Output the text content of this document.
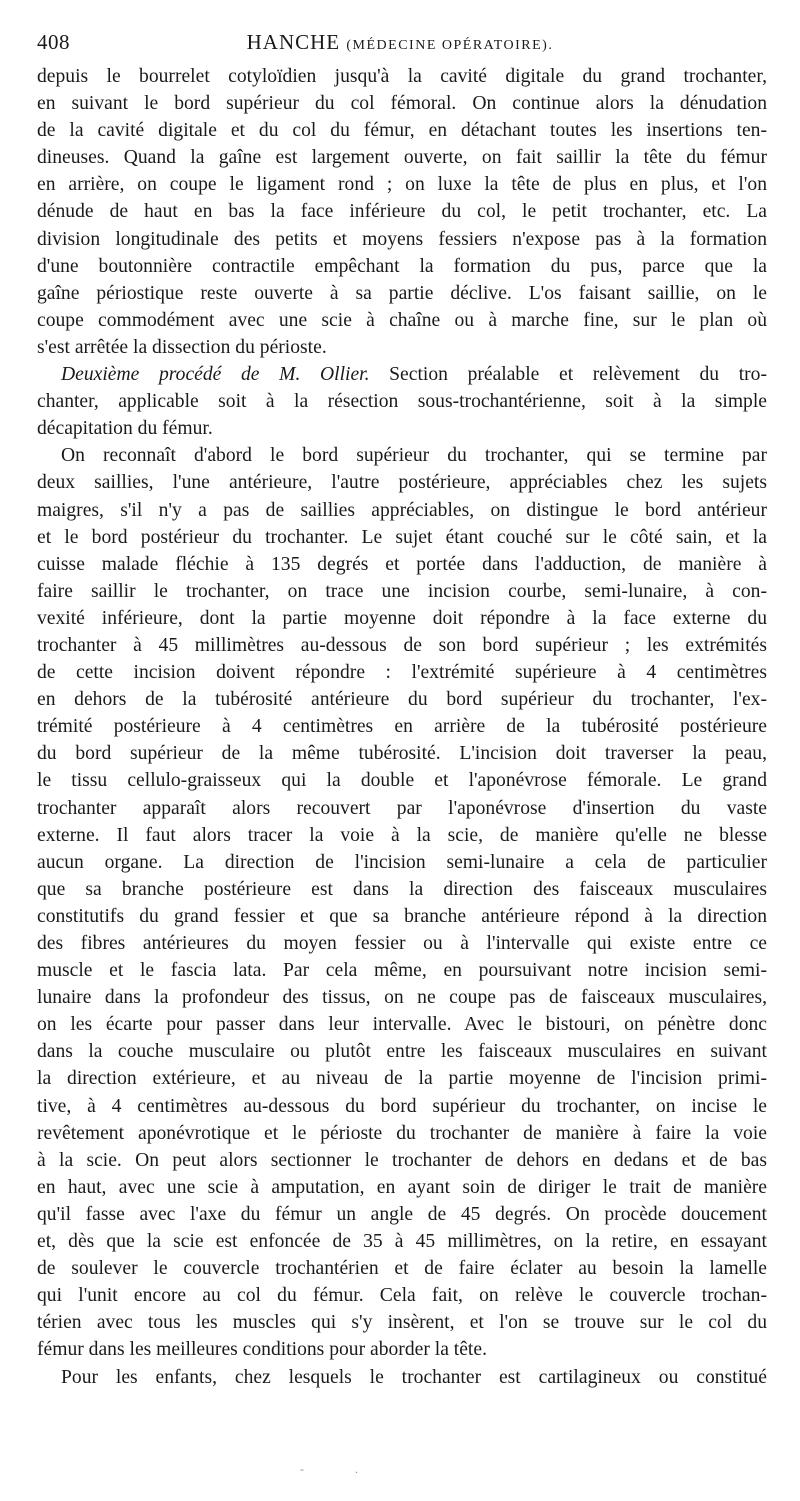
408	HANCHE (MÉDECINE OPÉRATOIRE).
depuis le bourrelet cotyloïdien jusqu'à la cavité digitale du grand trochanter,
en suivant le bord supérieur du col fémoral. On continue alors la dénudation
de la cavité digitale et du col du fémur, en détachant toutes les insertions ten-
dineuses. Quand la gaîne est largement ouverte, on fait saillir la tête du fémur
en arrière, on coupe le ligament rond ; on luxe la tête de plus en plus, et l'on
dénude de haut en bas la face inférieure du col, le petit trochanter, etc. La
division longitudinale des petits et moyens fessiers n'expose pas à la formation
d'une boutonnière contractile empêchant la formation du pus, parce que la
gaîne périostique reste ouverte à sa partie déclive. L'os faisant saillie, on le
coupe commodément avec une scie à chaîne ou à marche fine, sur le plan où
s'est arrêtée la dissection du périoste.
Deuxième procédé de M. Ollier. Section préalable et relèvement du tro-
chanter, applicable soit à la résection sous-trochantérienne, soit à la simple
décapitation du fémur.
On reconnaît d'abord le bord supérieur du trochanter, qui se termine par
deux saillies, l'une antérieure, l'autre postérieure, appréciables chez les sujets
maigres, s'il n'y a pas de saillies appréciables, on distingue le bord antérieur
et le bord postérieur du trochanter. Le sujet étant couché sur le côté sain, et la
cuisse malade fléchie à 135 degrés et portée dans l'adduction, de manière à
faire saillir le trochanter, on trace une incision courbe, semi-lunaire, à con-
vexité inférieure, dont la partie moyenne doit répondre à la face externe du
trochanter à 45 millimètres au-dessous de son bord supérieur ; les extrémités
de cette incision doivent répondre : l'extrémité supérieure à 4 centimètres
en dehors de la tubérosité antérieure du bord supérieur du trochanter, l'ex-
trémité postérieure à 4 centimètres en arrière de la tubérosité postérieure
du bord supérieur de la même tubérosité. L'incision doit traverser la peau,
le tissu cellulo-graisseux qui la double et l'aponévrose fémorale. Le grand
trochanter apparaît alors recouvert par l'aponévrose d'insertion du vaste
externe. Il faut alors tracer la voie à la scie, de manière qu'elle ne blesse
aucun organe. La direction de l'incision semi-lunaire a cela de particulier
que sa branche postérieure est dans la direction des faisceaux musculaires
constitutifs du grand fessier et que sa branche antérieure répond à la direction
des fibres antérieures du moyen fessier ou à l'intervalle qui existe entre ce
muscle et le fascia lata. Par cela même, en poursuivant notre incision semi-
lunaire dans la profondeur des tissus, on ne coupe pas de faisceaux musculaires,
on les écarte pour passer dans leur intervalle. Avec le bistouri, on pénètre donc
dans la couche musculaire ou plutôt entre les faisceaux musculaires en suivant
la direction extérieure, et au niveau de la partie moyenne de l'incision primi-
tive, à 4 centimètres au-dessous du bord supérieur du trochanter, on incise le
revêtement aponévrotique et le périoste du trochanter de manière à faire la voie
à la scie. On peut alors sectionner le trochanter de dehors en dedans et de bas
en haut, avec une scie à amputation, en ayant soin de diriger le trait de manière
qu'il fasse avec l'axe du fémur un angle de 45 degrés. On procède doucement
et, dès que la scie est enfoncée de 35 à 45 millimètres, on la retire, en essayant
de soulever le couvercle trochantérien et de faire éclater au besoin la lamelle
qui l'unit encore au col du fémur. Cela fait, on relève le couvercle trochan-
térien avec tous les muscles qui s'y insèrent, et l'on se trouve sur le col du
fémur dans les meilleures conditions pour aborder la tête.
Pour les enfants, chez lesquels le trochanter est cartilagineux ou constitué
- .
